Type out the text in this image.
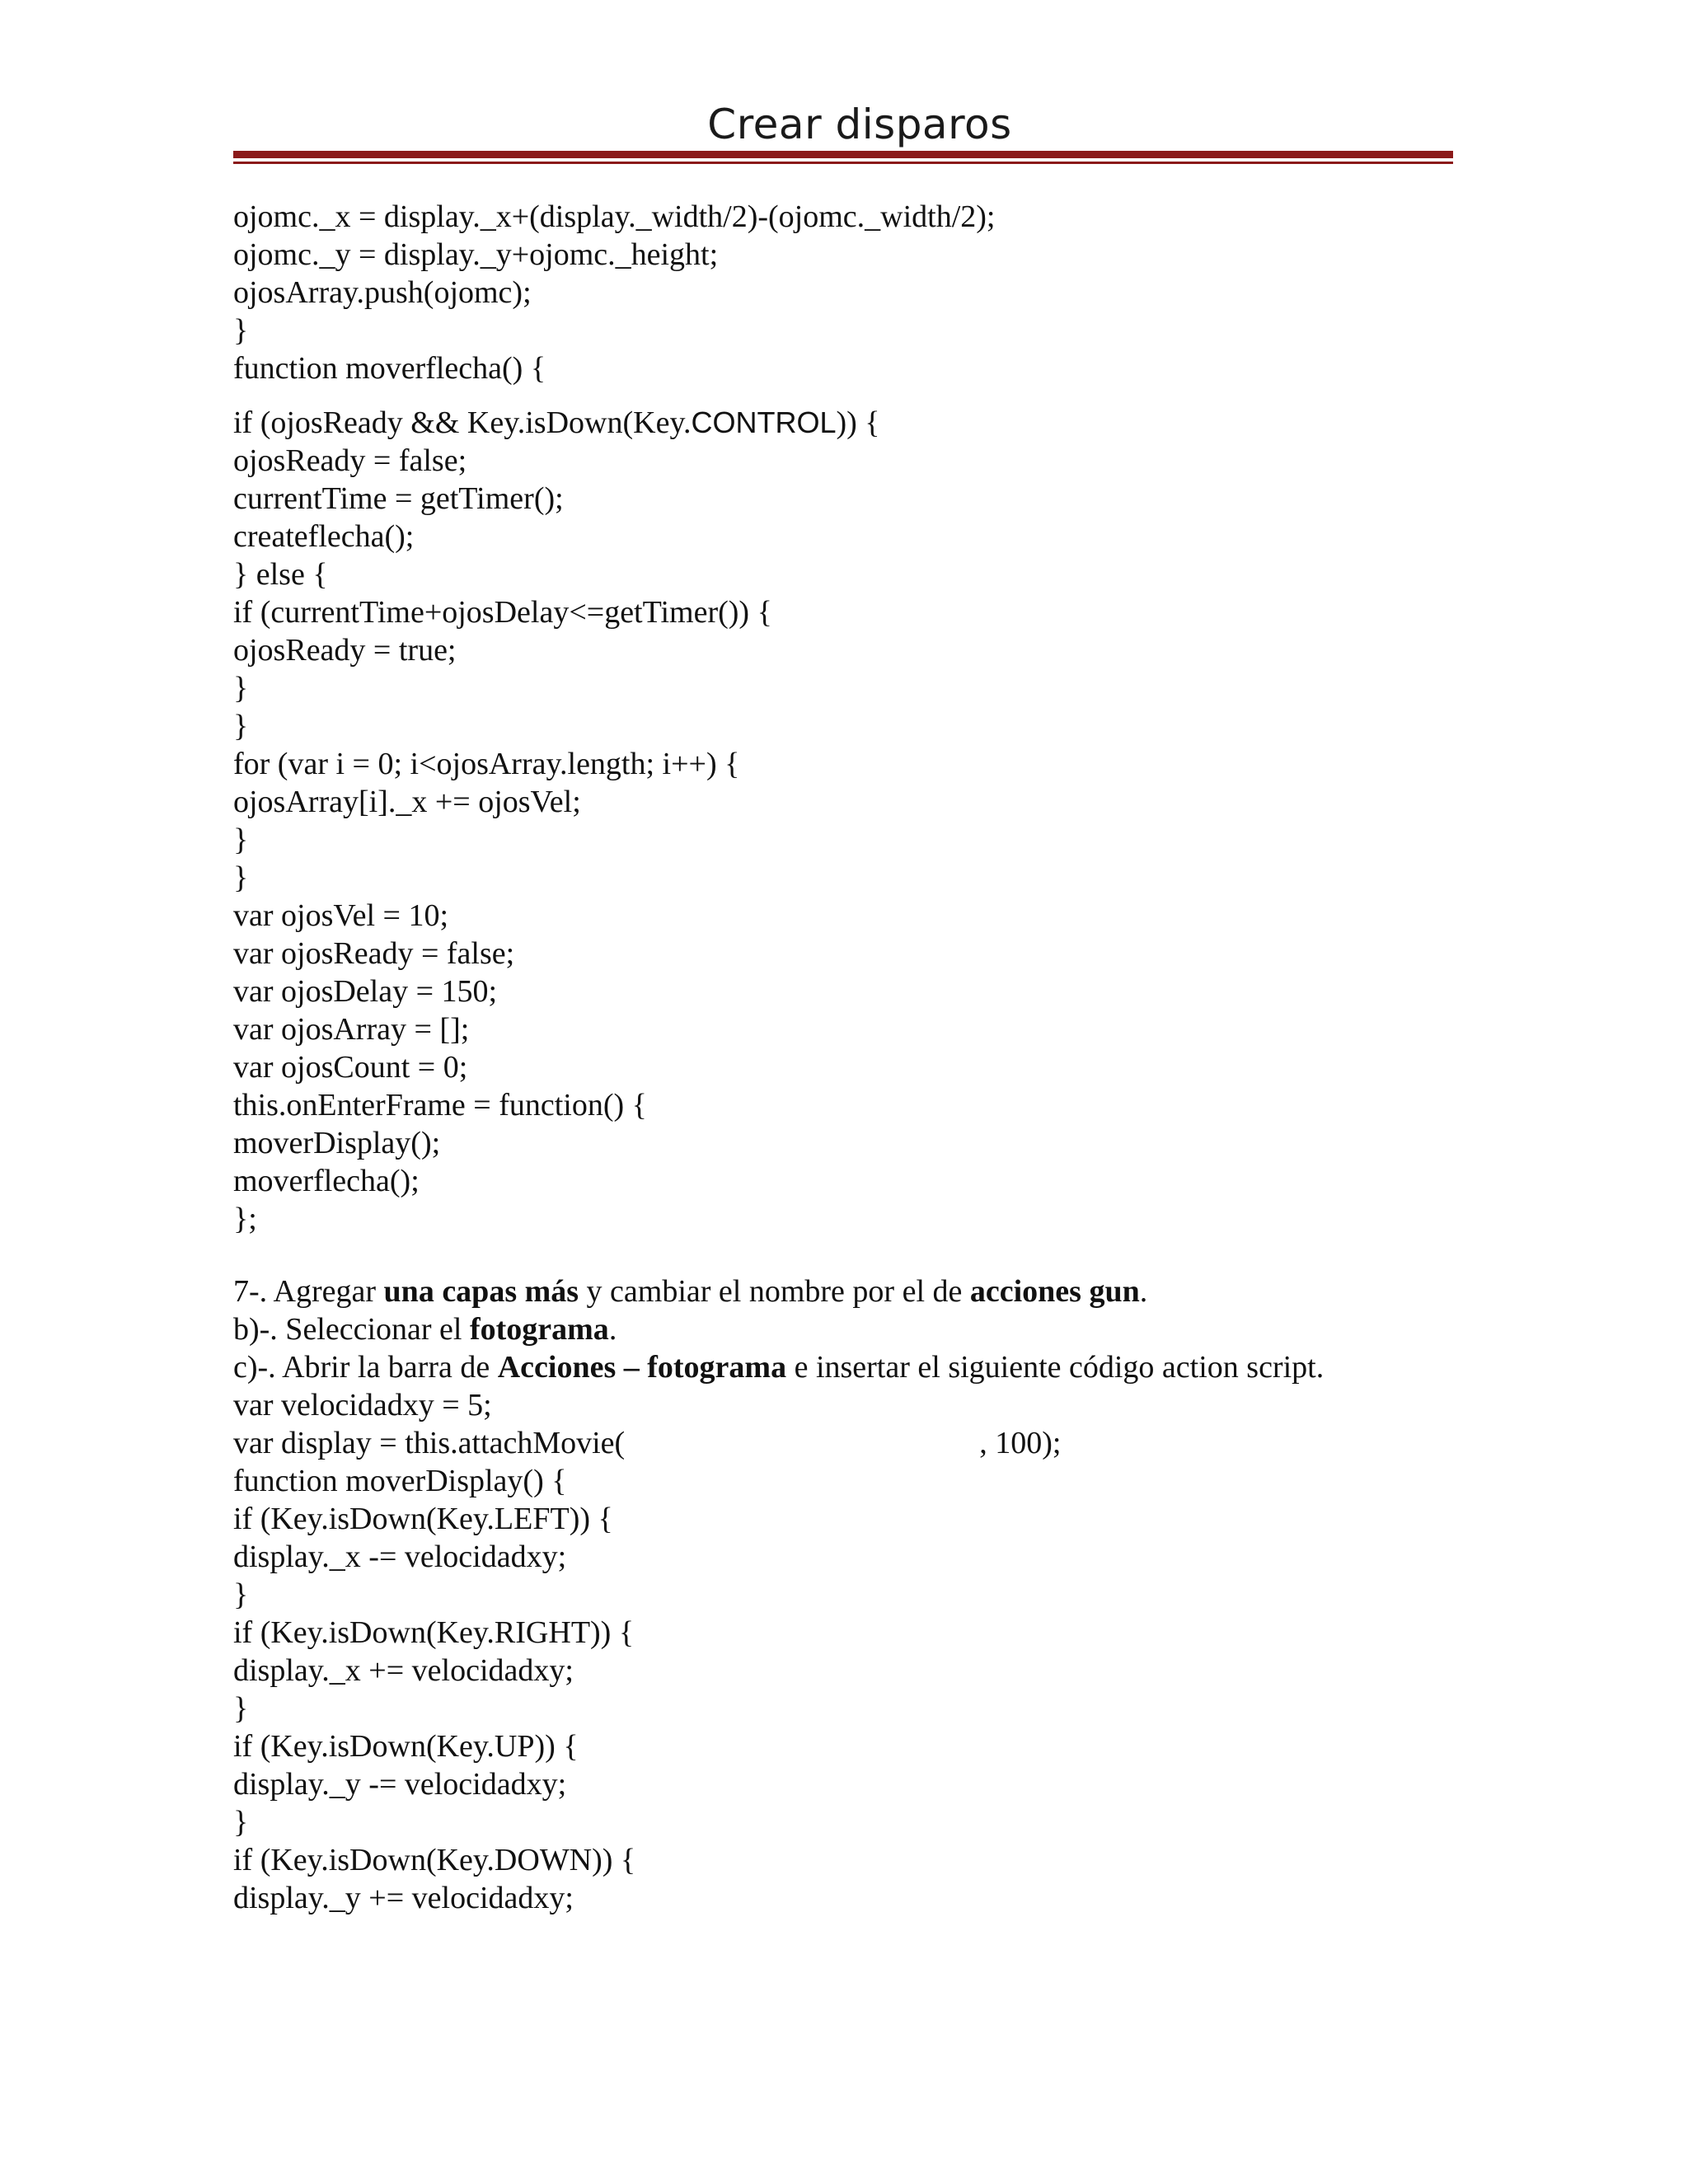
Crear disparos
ojomc._x = display._x+(display._width/2)-(ojomc._width/2);
ojomc._y = display._y+ojomc._height;
ojosArray.push(ojomc);
}
function moverflecha() {
if (ojosReady && Key.isDown(Key.CONTROL)) {
ojosReady = false;
currentTime = getTimer();
createflecha();
} else {
if (currentTime+ojosDelay<=getTimer()) {
ojosReady = true;
}
}
for (var i = 0; i<ojosArray.length; i++) {
ojosArray[i]._x += ojosVel;
}
}
var ojosVel = 10;
var ojosReady = false;
var ojosDelay = 150;
var ojosArray = [];
var ojosCount = 0;
this.onEnterFrame = function() {
moverDisplay();
moverflecha();
};
7-. Agregar una capas más y cambiar el nombre por el de acciones gun.
b)-. Seleccionar el fotograma.
c)-. Abrir la barra de Acciones – fotograma e insertar el siguiente código action script.
var velocidadxy = 5;
var display = this.attachMovie(	, 100);
function moverDisplay() {
if (Key.isDown(Key.LEFT)) {
display._x -= velocidadxy;
}
if (Key.isDown(Key.RIGHT)) {
display._x += velocidadxy;
}
if (Key.isDown(Key.UP)) {
display._y -= velocidadxy;
}
if (Key.isDown(Key.DOWN)) {
display._y += velocidadxy;
